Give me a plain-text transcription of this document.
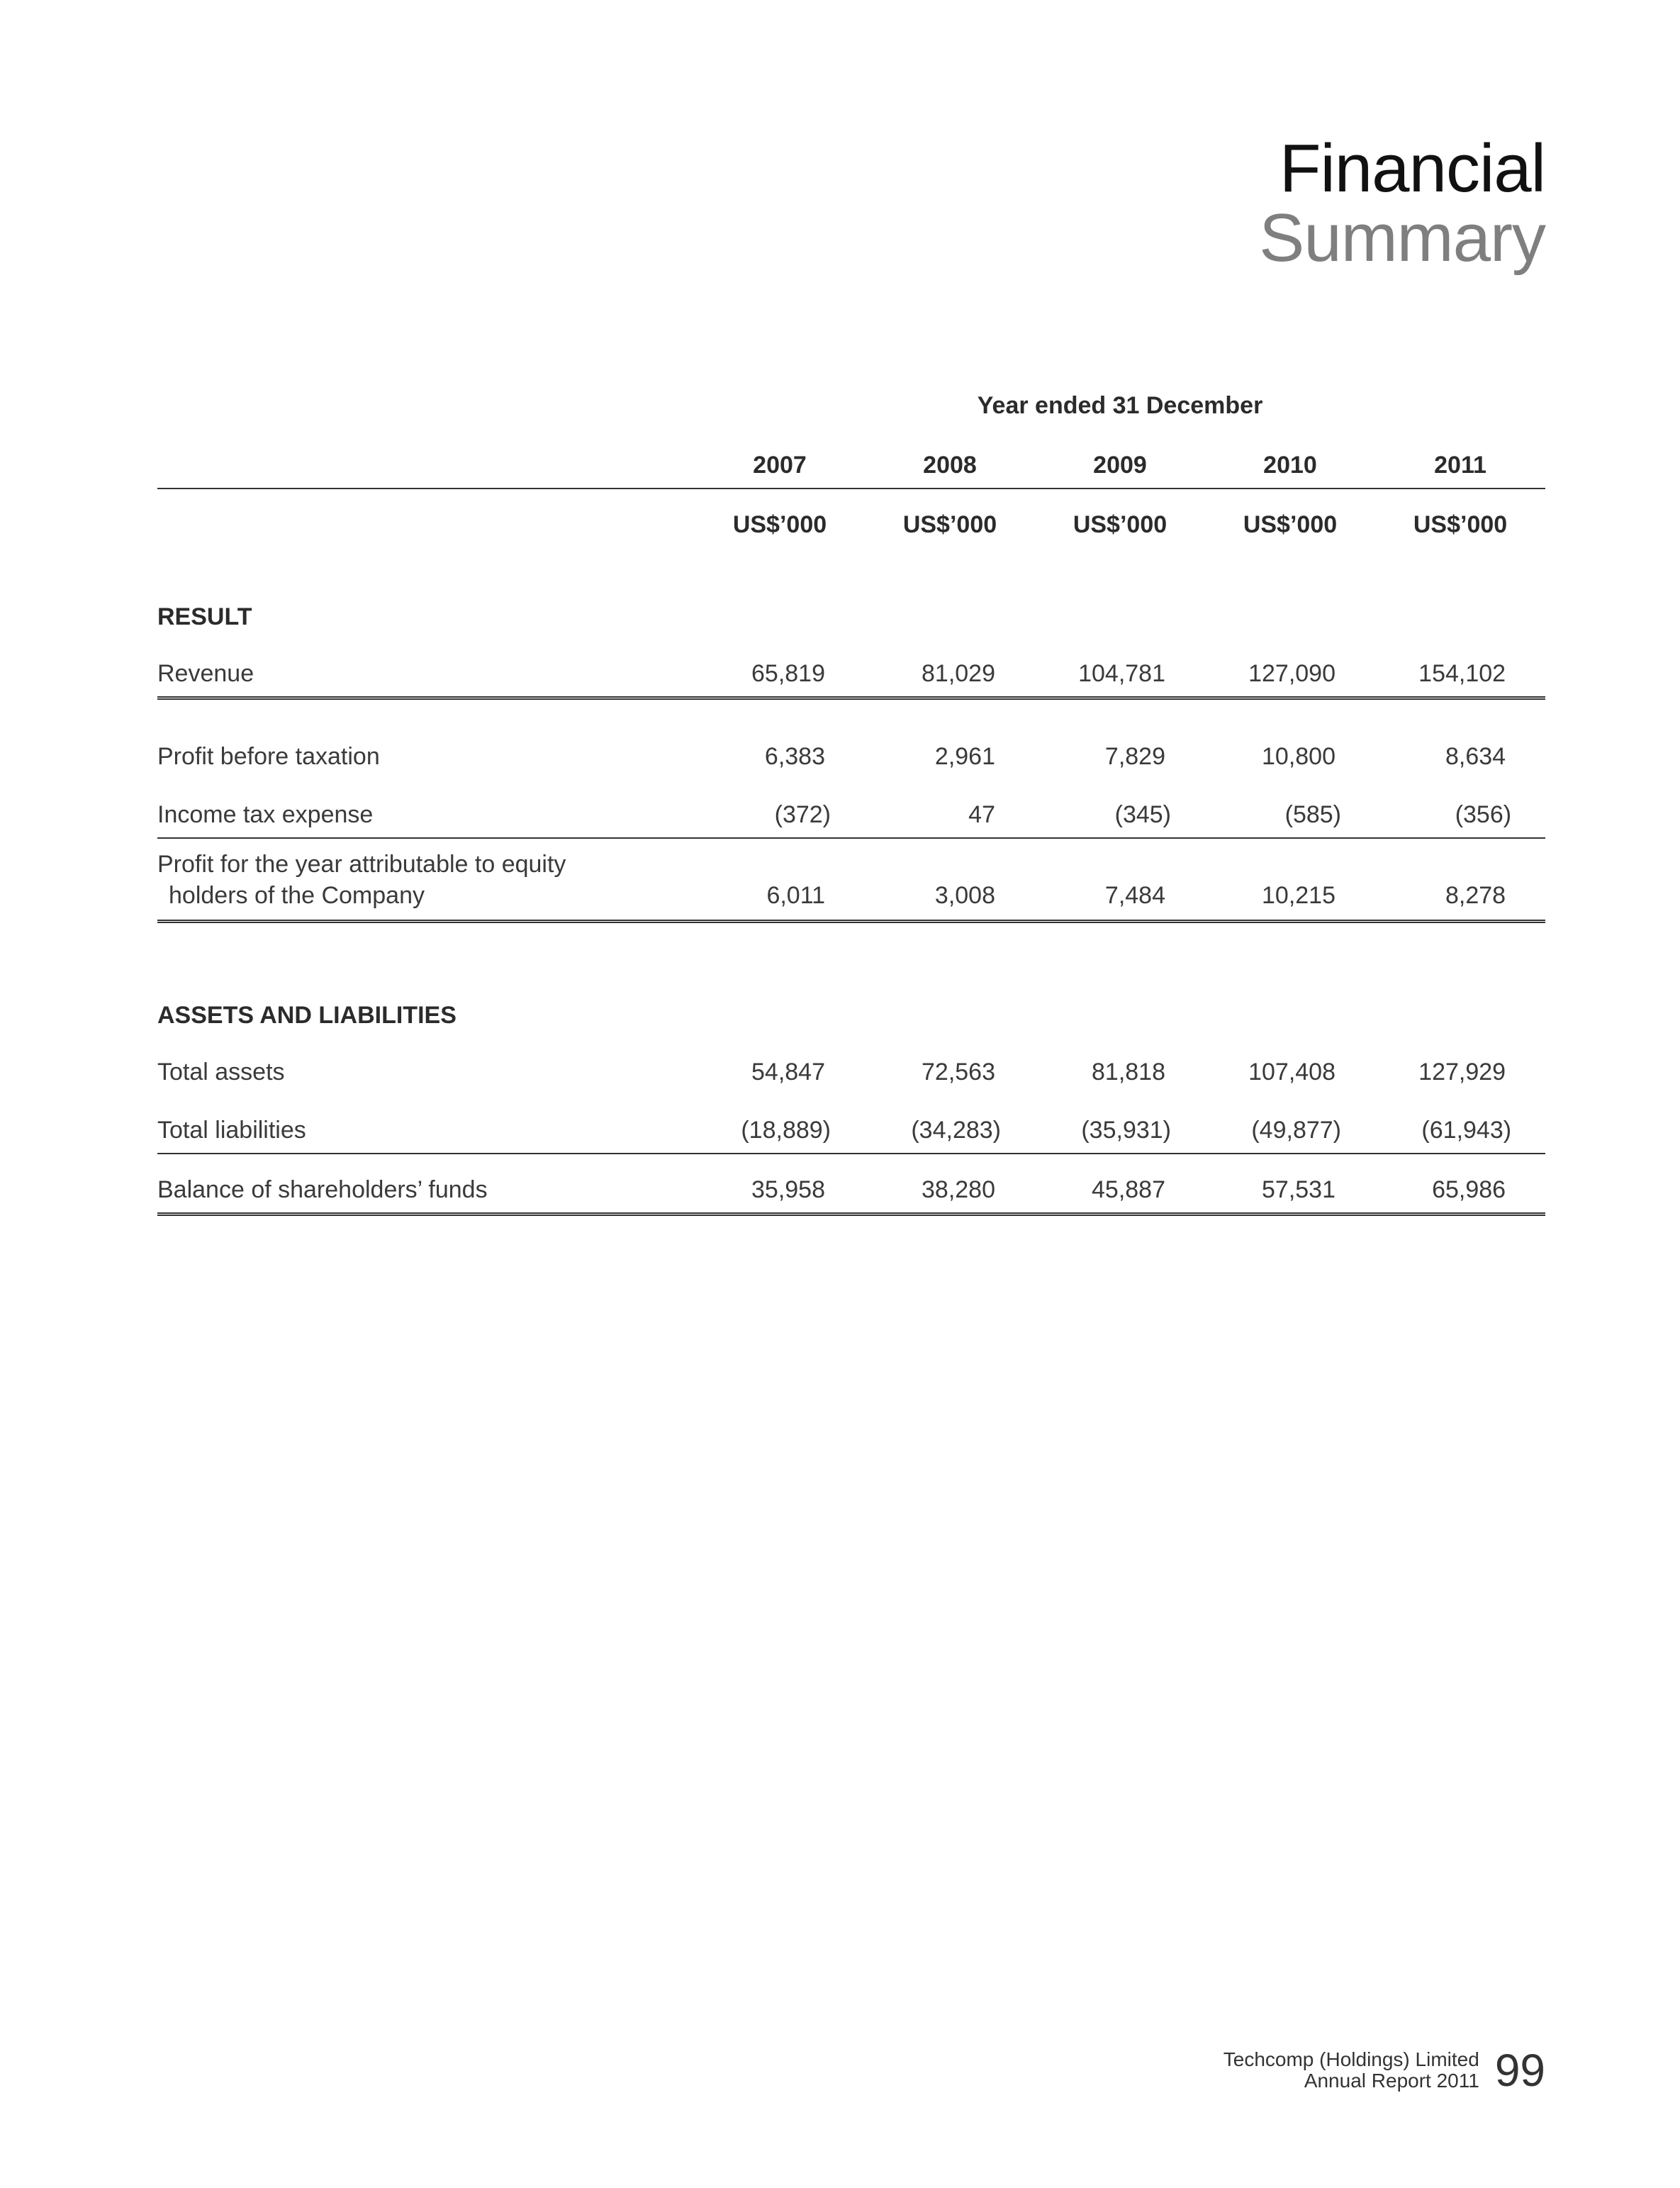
Financial
Summary
	Year ended 31 December				
	2007	2008	2009	2010	2011
	US$’000	US$’000	US$’000	US$’000	US$’000
RESULT					
Revenue	65,819	81,029	104,781	127,090	154,102

Profit before taxation	6,383	2,961	7,829	10,800	8,634
Income tax expense	(372)	47	(345)	(585)	(356)

Profit for the year attributable to equity
holders of the Company	6,011	3,008	7,484	10,215	8,278
ASSETS AND LIABILITIES					
Total assets	54,847	72,563	81,818	107,408	127,929
Total liabilities	(18,889)	(34,283)	(35,931)	(49,877)	(61,943)
Balance of shareholders’ funds	35,958	38,280	45,887	57,531	65,986
Techcomp (Holdings) Limited
Annual Report 2011 99
